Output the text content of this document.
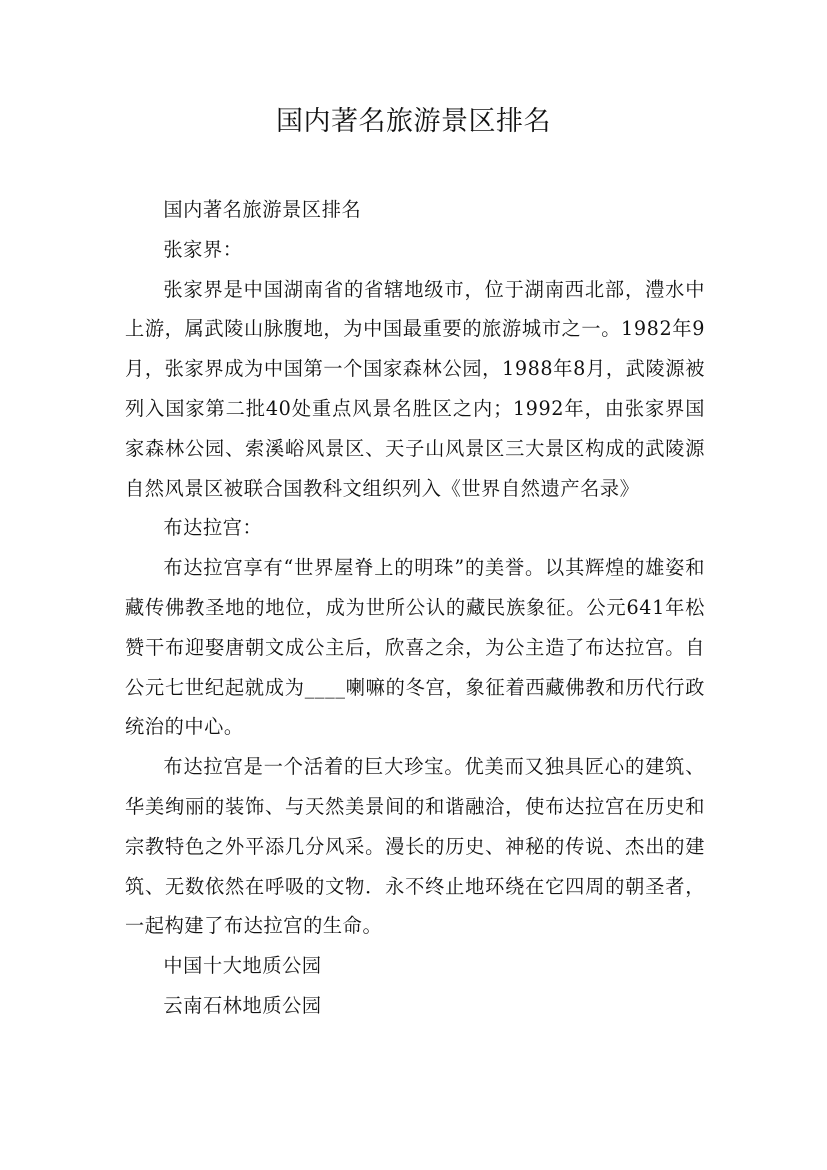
国内著名旅游景区排名

国内著名旅游景区排名

张家界：

张家界是中国湖南省的省辖地级市，位于湖南西北部，澧水中上游，属武陵山脉腹地，为中国最重要的旅游城市之一。1982年9月，张家界成为中国第一个国家森林公园，1988年8月，武陵源被列入国家第二批40处重点风景名胜区之内；1992年，由张家界国家森林公园、索溪峪风景区、天子山风景区三大景区构成的武陵源自然风景区被联合国教科文组织列入《世界自然遗产名录》

布达拉宫：

布达拉宫享有“世界屋脊上的明珠”的美誉。以其辉煌的雄姿和藏传佛教圣地的地位，成为世所公认的藏民族象征。公元641年松赞干布迎娶唐朝文成公主后，欣喜之余，为公主造了布达拉宫。自公元七世纪起就成为____喇嘛的冬宫，象征着西藏佛教和历代行政统治的中心。

布达拉宫是一个活着的巨大珍宝。优美而又独具匠心的建筑、华美绚丽的装饰、与天然美景间的和谐融洽，使布达拉宫在历史和宗教特色之外平添几分风采。漫长的历史、神秘的传说、杰出的建筑、无数依然在呼吸的文物．永不终止地环绕在它四周的朝圣者，一起构建了布达拉宫的生命。

中国十大地质公园

云南石林地质公园
